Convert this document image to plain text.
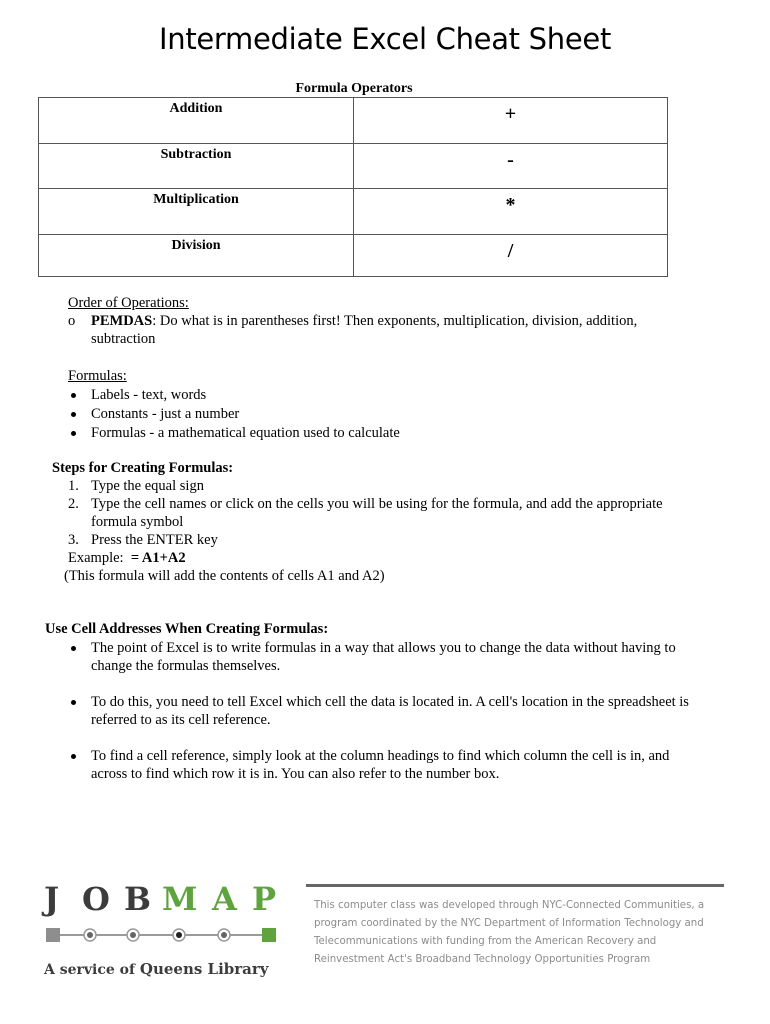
Intermediate Excel Cheat Sheet
Formula Operators
Addition	+
Subtraction	-
Multiplication	*
Division	/
Order of Operations:
o PEMDAS: Do what is in parentheses first! Then exponents, multiplication, division, addition,
subtraction
Formulas:
Labels - text, words
Constants - just a number
Formulas - a mathematical equation used to calculate
Steps for Creating Formulas:
1. Type the equal sign
2. Type the cell names or click on the cells you will be using for the formula, and add the appropriate
formula symbol
3. Press the ENTER key
Example: = A1+A2
(This formula will add the contents of cells A1 and A2)
Use Cell Addresses When Creating Formulas:
The point of Excel is to write formulas in a way that allows you to change the data without having to
change the formulas themselves.
To do this, you need to tell Excel which cell the data is located in. A cell's location in the spreadsheet is
referred to as its cell reference.
To find a cell reference, simply look at the column headings to find which column the cell is in, and
across to find which row it is in. You can also refer to the number box.
J O B M A P
A service of Queens Library
This computer class was developed through NYC-Connected Communities, a
program coordinated by the NYC Department of Information Technology and
Telecommunications with funding from the American Recovery and
Reinvestment Act's Broadband Technology Opportunities Program
